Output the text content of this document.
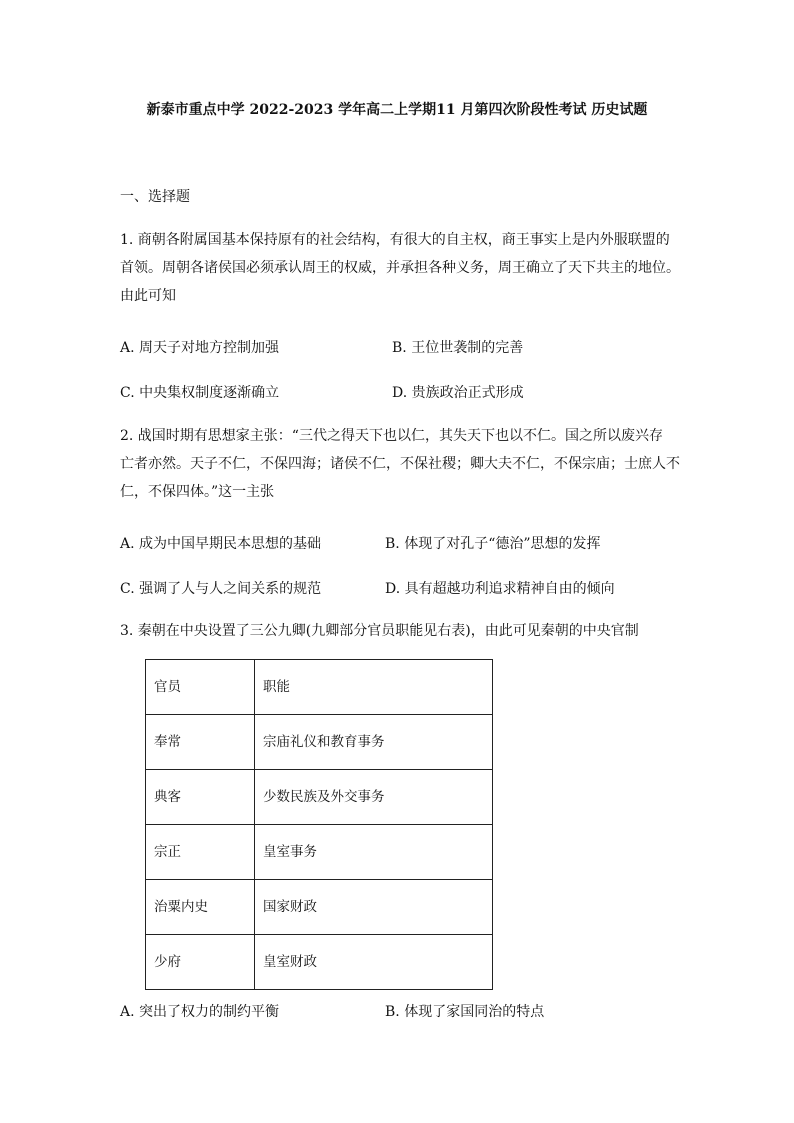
新泰市重点中学 2022-2023 学年高二上学期11 月第四次阶段性考试 历史试题
一、选择题
1. 商朝各附属国基本保持原有的社会结构，有很大的自主权，商王事实上是内外服联盟的
首领。周朝各诸侯国必须承认周王的权威，并承担各种义务，周王确立了天下共主的地位。
由此可知
A. 周天子对地方控制加强	B. 王位世袭制的完善
C. 中央集权制度逐渐确立	D. 贵族政治正式形成
2. 战国时期有思想家主张：“三代之得天下也以仁，其失天下也以不仁。国之所以废兴存
亡者亦然。天子不仁，不保四海；诸侯不仁，不保社稷；卿大夫不仁，不保宗庙；士庶人不
仁，不保四体。”这一主张
A. 成为中国早期民本思想的基础	B. 体现了对孔子“德治”思想的发挥
C. 强调了人与人之间关系的规范	D. 具有超越功利追求精神自由的倾向
3. 秦朝在中央设置了三公九卿(九卿部分官员职能见右表)，由此可见秦朝的中央官制
官员	职能
奉常	宗庙礼仪和教育事务
典客	少数民族及外交事务
宗正	皇室事务
治粟内史	国家财政
少府	皇室财政
A. 突出了权力的制约平衡	B. 体现了家国同治的特点
